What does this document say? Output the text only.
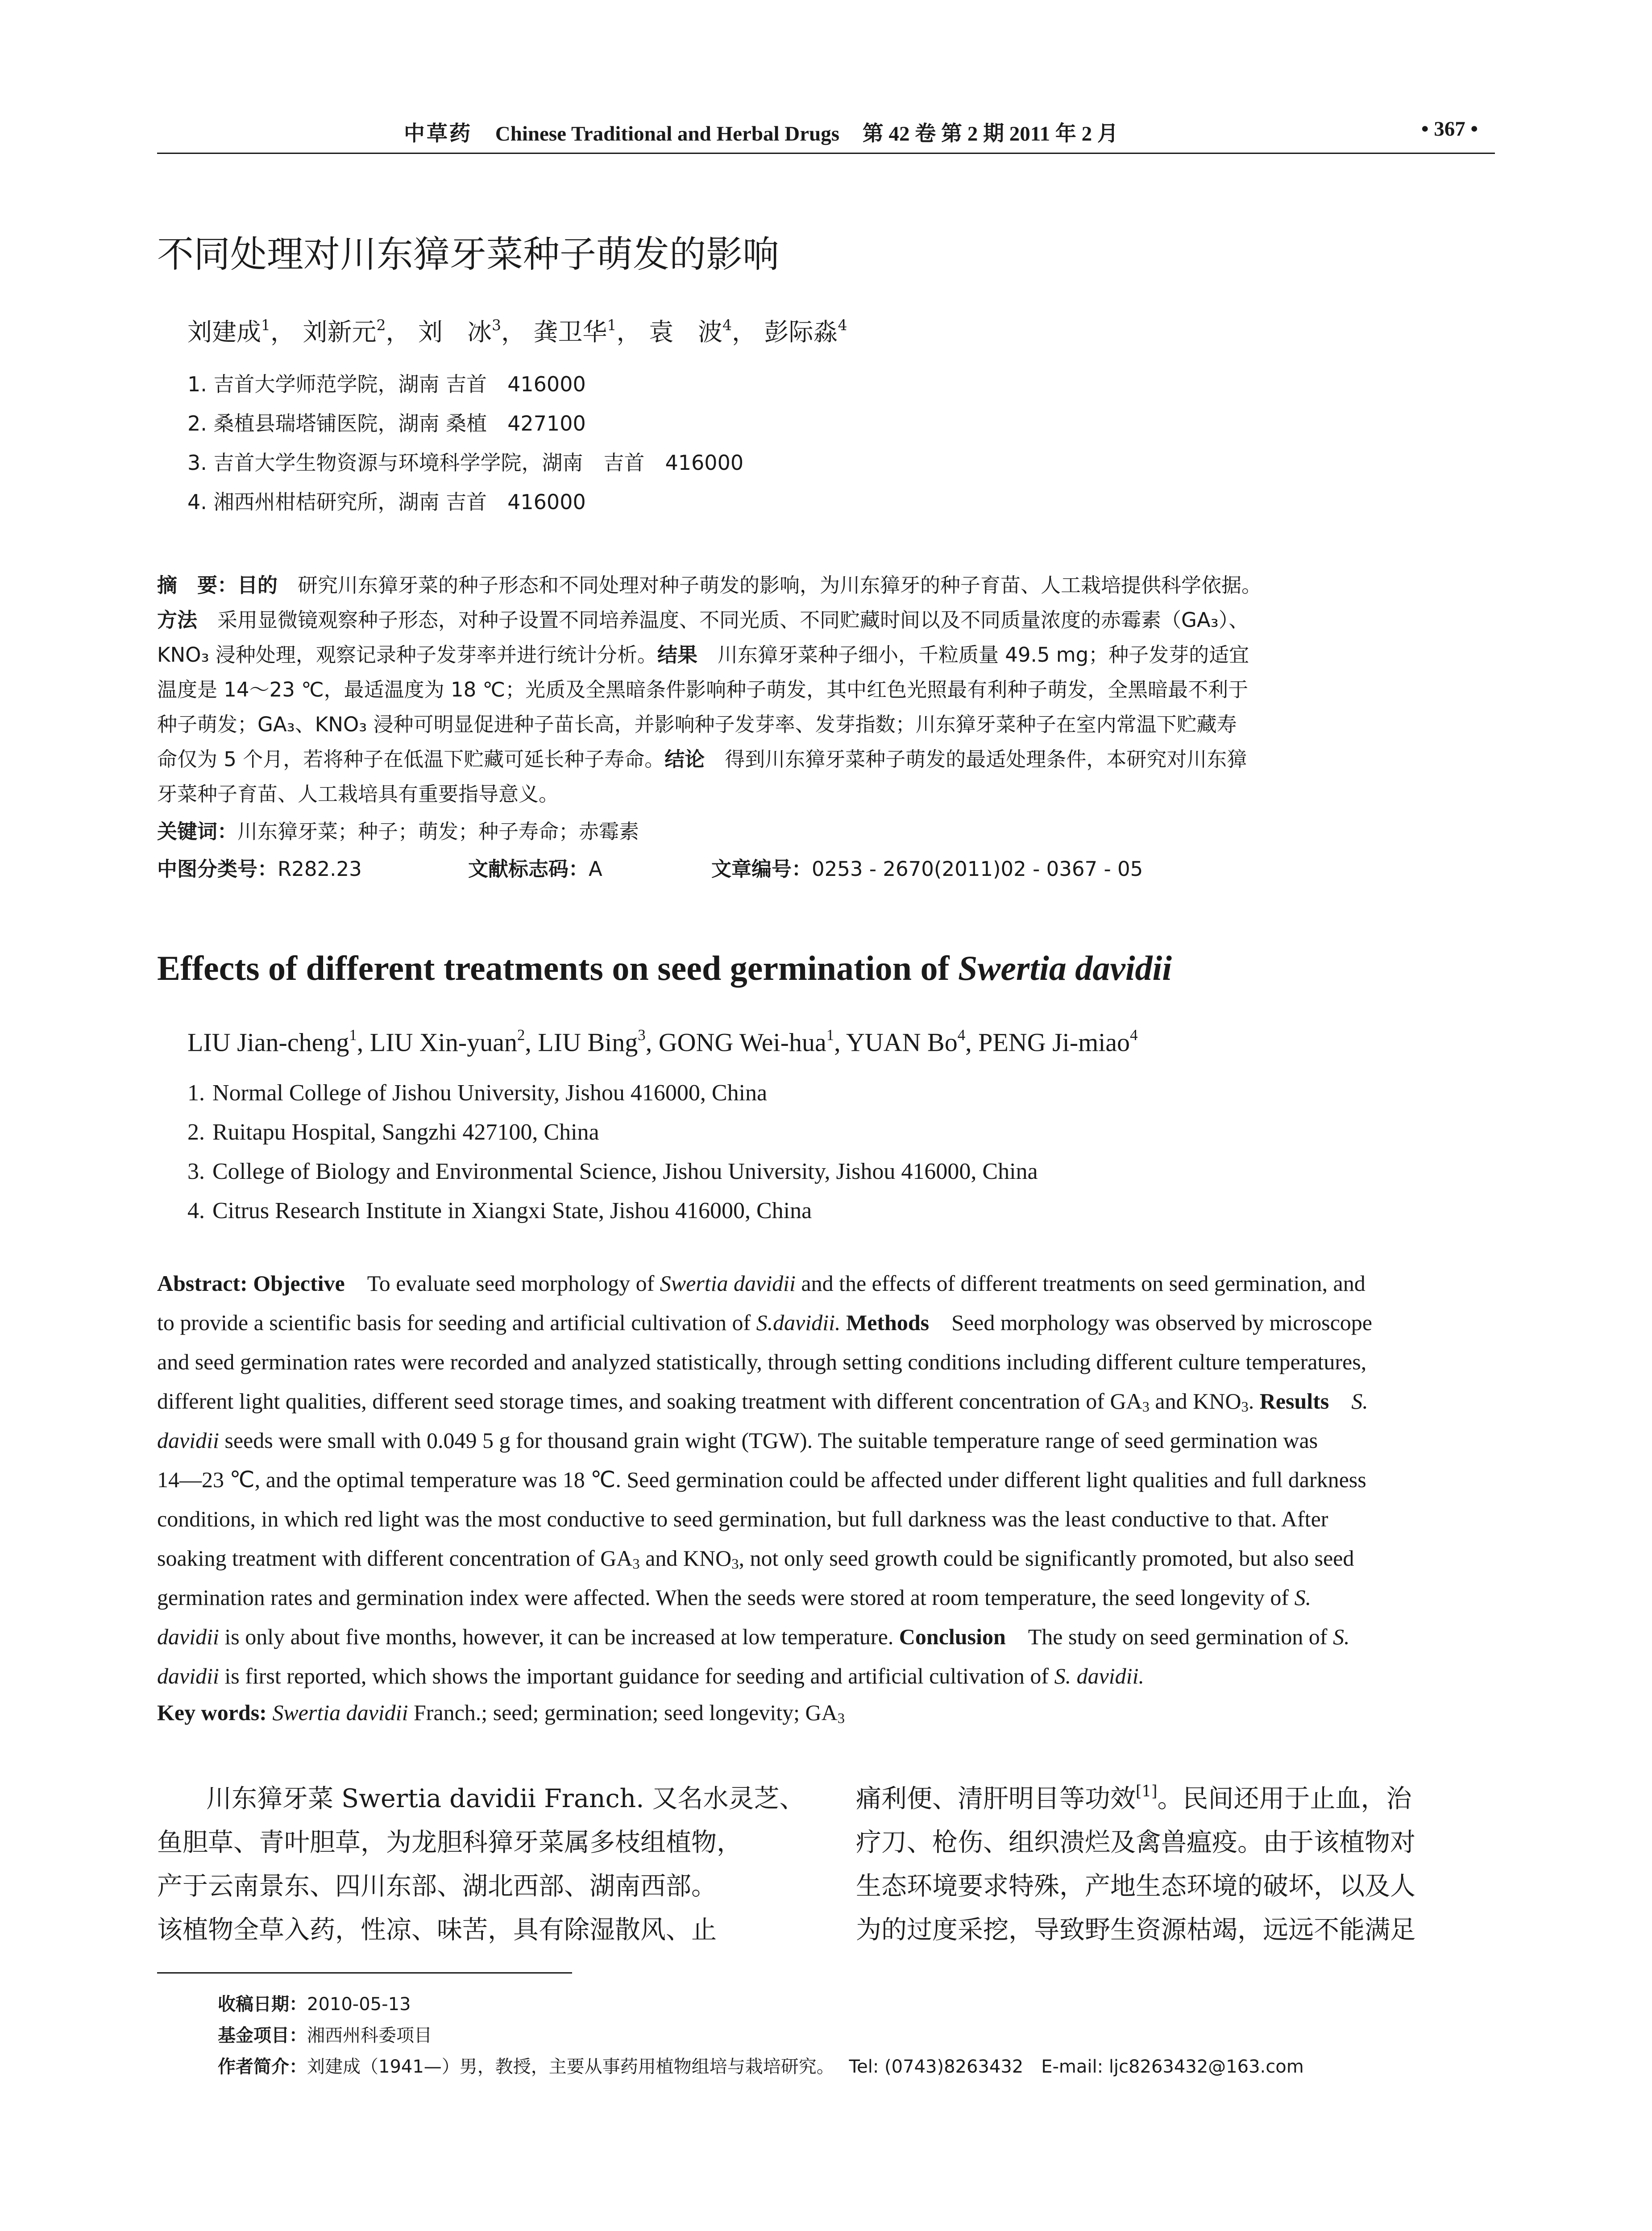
中草药 Chinese Traditional and Herbal Drugs 第 42 卷 第 2 期 2011 年 2 月	• 367 •
不同处理对川东獐牙菜种子萌发的影响
刘建成$^1$， 刘新元$^2$， 刘　冰$^3$， 龚卫华$^1$， 袁　波$^4$， 彭际淼$^4$
1. 吉首大学师范学院，湖南 吉首　416000
2. 桑植县瑞塔铺医院，湖南 桑植　427100
3. 吉首大学生物资源与环境科学学院，湖南　吉首　416000
4. 湘西州柑桔研究所，湖南 吉首　416000
摘　要：目的　研究川东獐牙菜的种子形态和不同处理对种子萌发的影响，为川东獐牙的种子育苗、人工栽培提供科学依据。
方法　采用显微镜观察种子形态，对种子设置不同培养温度、不同光质、不同贮藏时间以及不同质量浓度的赤霉素（GA₃）、
KNO₃ 浸种处理，观察记录种子发芽率并进行统计分析。结果　川东獐牙菜种子细小，千粒质量 49.5 mg；种子发芽的适宜
温度是 14～23 ℃，最适温度为 18 ℃；光质及全黑暗条件影响种子萌发，其中红色光照最有利种子萌发，全黑暗最不利于
种子萌发；GA₃、KNO₃ 浸种可明显促进种子苗长高，并影响种子发芽率、发芽指数；川东獐牙菜种子在室内常温下贮藏寿
命仅为 5 个月，若将种子在低温下贮藏可延长种子寿命。结论　得到川东獐牙菜种子萌发的最适处理条件，本研究对川东獐
牙菜种子育苗、人工栽培具有重要指导意义。
关键词：川东獐牙菜；种子；萌发；种子寿命；赤霉素
中图分类号：R282.23	文献标志码：A	文章编号：0253 - 2670(2011)02 - 0367 - 05
Effects of different treatments on seed germination of Swertia davidii
LIU Jian-cheng$^1$, LIU Xin-yuan$^2$, LIU Bing$^3$, GONG Wei-hua$^1$, YUAN Bo$^4$, PENG Ji-miao$^4$
1. Normal College of Jishou University, Jishou 416000, China
2. Ruitapu Hospital, Sangzhi 427100, China
3. College of Biology and Environmental Science, Jishou University, Jishou 416000, China
4. Citrus Research Institute in Xiangxi State, Jishou 416000, China
Abstract: Objective To evaluate seed morphology of Swertia davidii and the effects of different treatments on seed germination, and
to provide a scientific basis for seeding and artificial cultivation of S.davidii. Methods Seed morphology was observed by microscope
and seed germination rates were recorded and analyzed statistically, through setting conditions including different culture temperatures,
different light qualities, different seed storage times, and soaking treatment with different concentration of $GA_3$ and $KNO_3$. Results S.
davidii seeds were small with 0.049 5 g for thousand grain wight (TGW). The suitable temperature range of seed germination was
14—23 ℃, and the optimal temperature was 18 ℃. Seed germination could be affected under different light qualities and full darkness
conditions, in which red light was the most conductive to seed germination, but full darkness was the least conductive to that. After
soaking treatment with different concentration of $GA_3$ and $KNO_3$, not only seed growth could be significantly promoted, but also seed
germination rates and germination index were affected. When the seeds were stored at room temperature, the seed longevity of S.
davidii is only about five months, however, it can be increased at low temperature. Conclusion The study on seed germination of S.
davidii is first reported, which shows the important guidance for seeding and artificial cultivation of S. davidii.
Key words: Swertia davidii Franch.; seed; germination; seed longevity; $GA_3$
川东獐牙菜 Swertia davidii Franch. 又名水灵芝、
鱼胆草、青叶胆草，为龙胆科獐牙菜属多枝组植物，
产于云南景东、四川东部、湖北西部、湖南西部。
该植物全草入药，性凉、味苦，具有除湿散风、止
痛利便、清肝明目等功效[1]。民间还用于止血，治
疗刀、枪伤、组织溃烂及禽兽瘟疫。由于该植物对
生态环境要求特殊，产地生态环境的破坏，以及人
为的过度采挖，导致野生资源枯竭，远远不能满足
收稿日期：2010-05-13
基金项目：湘西州科委项目
作者简介：刘建成（1941—）男，教授，主要从事药用植物组培与栽培研究。　 Tel: (0743)8263432　E-mail: ljc8263432@163.com
